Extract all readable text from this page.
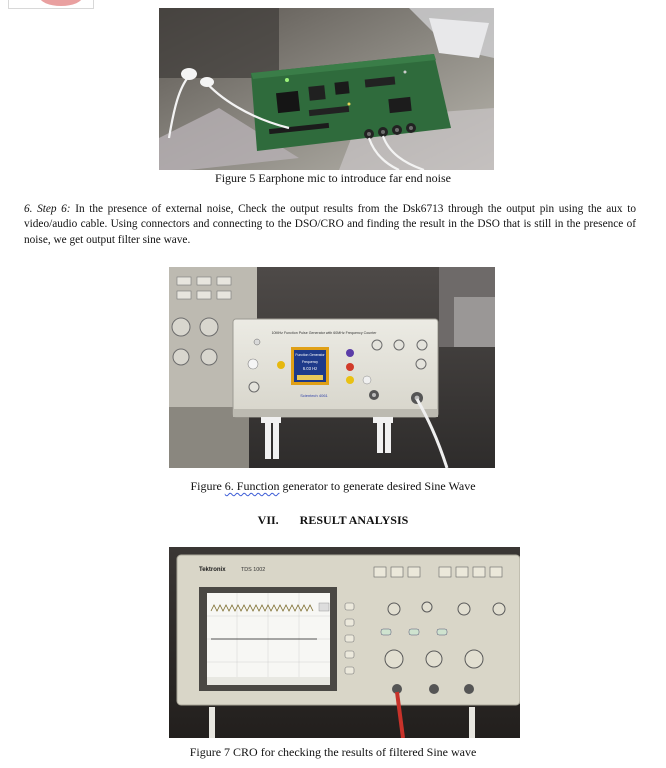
Figure 5 Earphone mic to introduce far end noise
6. Step 6: In the presence of external noise, Check the output results from the Dsk6713 through the output pin using the aux to video/audio cable. Using connectors and connecting to the DSO/CRO and finding the result in the DSO that is still in the presence of noise, we get output filter sine wave.
10MHz Function Pulse Generator with 60MHz Frequency Counter
Function Generator
Frequency
6.03 Hz
Scientech 4061
Figure 6. Function generator to generate desired Sine Wave
VII.       RESULT ANALYSIS
Tektronix	TDS 1002
Figure 7 CRO for checking the results of filtered Sine wave
